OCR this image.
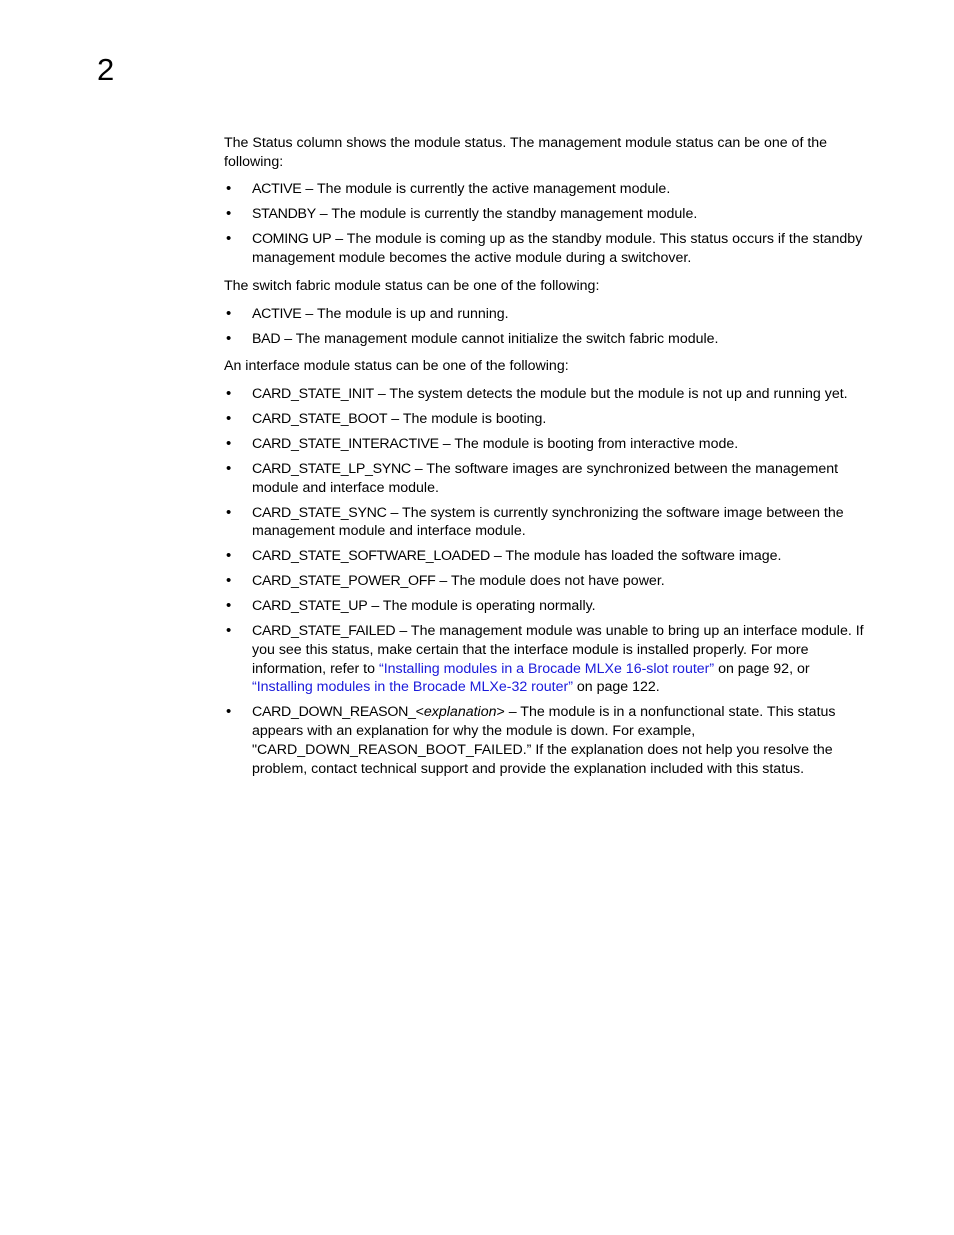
2

The Status column shows the module status. The management module status can be one of the following:

• ACTIVE – The module is currently the active management module.
• STANDBY – The module is currently the standby management module.
• COMING UP – The module is coming up as the standby module. This status occurs if the standby management module becomes the active module during a switchover.

The switch fabric module status can be one of the following:

• ACTIVE – The module is up and running.
• BAD – The management module cannot initialize the switch fabric module.

An interface module status can be one of the following:

• CARD_STATE_INIT – The system detects the module but the module is not up and running yet.
• CARD_STATE_BOOT – The module is booting.
• CARD_STATE_INTERACTIVE – The module is booting from interactive mode.
• CARD_STATE_LP_SYNC – The software images are synchronized between the management module and interface module.
• CARD_STATE_SYNC – The system is currently synchronizing the software image between the management module and interface module.
• CARD_STATE_SOFTWARE_LOADED – The module has loaded the software image.
• CARD_STATE_POWER_OFF – The module does not have power.
• CARD_STATE_UP – The module is operating normally.
• CARD_STATE_FAILED – The management module was unable to bring up an interface module. If you see this status, make certain that the interface module is installed properly. For more information, refer to “Installing modules in a Brocade MLXe 16-slot router” on page 92, or “Installing modules in the Brocade MLXe-32 router” on page 122.
• CARD_DOWN_REASON_<explanation> – The module is in a nonfunctional state. This status appears with an explanation for why the module is down. For example, "CARD_DOWN_REASON_BOOT_FAILED.” If the explanation does not help you resolve the problem, contact technical support and provide the explanation included with this status.
